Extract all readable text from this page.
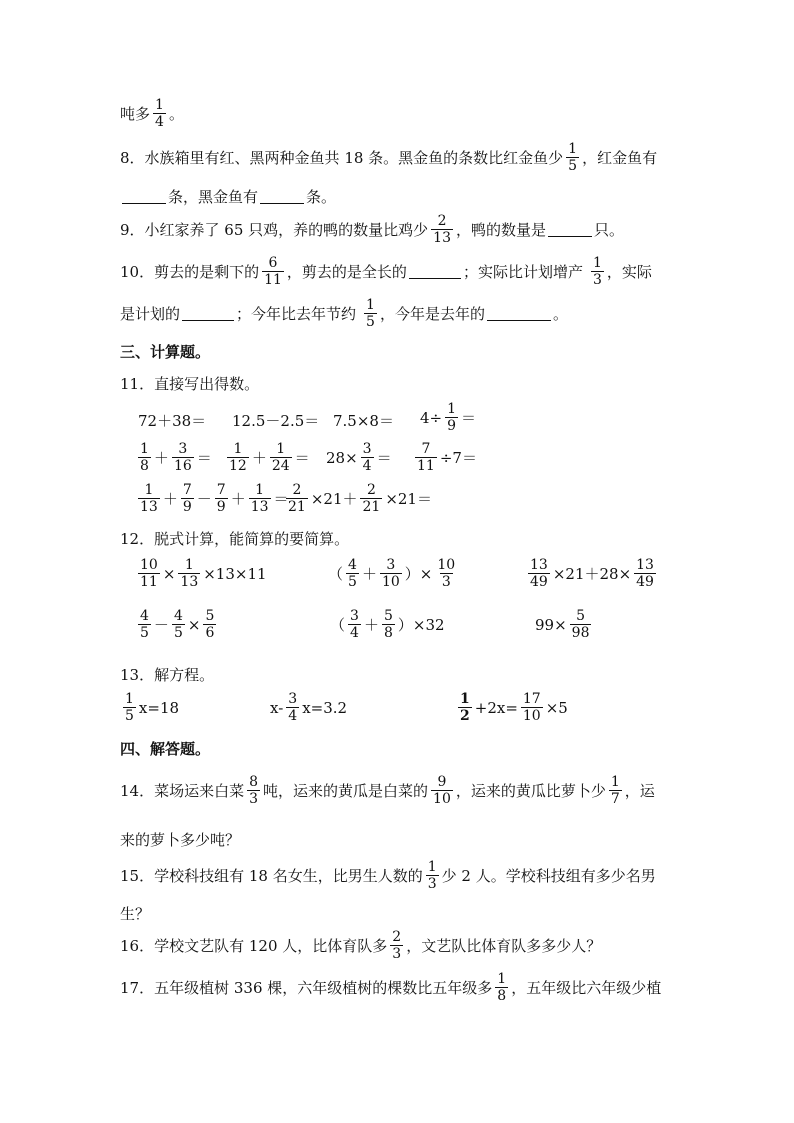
吨多 $\frac{1}{4}$ 。
8．水族箱里有红、黑两种金鱼共 18 条。黑金鱼的条数比红金鱼少 $\frac{1}{5}$ ，红金鱼有
条，黑金鱼有	条。
9．小红家养了 65 只鸡，养的鸭的数量比鸡少 $\frac{2}{13}$ ，鸭的数量是	只。
10．剪去的是剩下的 $\frac{6}{11}$ ，剪去的是全长的	；实际比计划增产 $\frac{1}{3}$ ，实际
是计划的	；今年比去年节约 $\frac{1}{5}$ ，今年是去年的	。
三、计算题。
11．直接写出得数。
$72+38= 12.5-2.5= 7.5\times 8= 4\div \frac{1}{9}$ ＝
$\frac{1}{8} + \frac{3}{16} = \frac{1}{12} + \frac{1}{24} = 28\times \frac{3}{4} = \frac{7}{11} \div 7=$
$\frac{1}{13} + \frac{7}{9} - \frac{7}{9} + \frac{1}{13}$ ＝
$\frac{2}{21} \times 21+ \frac{2}{21} \times 21=$
12．脱式计算，能简算的要简算。
$\frac{10}{11} \times \frac{1}{13} \times 13\times 11$	（ $\frac{4}{5} + \frac{3}{10}$ ）× $\frac{10}{3}$	$\frac{13}{49} \times 21+28\times \frac{13}{49}$
$\frac{4}{5} - \frac{4}{5} \times \frac{5}{6}$	（ $\frac{3}{4} + \frac{5}{8} )\times 32$	$99\times \frac{5}{98}$
13．解方程。
$\frac{1}{5} x=18$	$x- \frac{3}{4} x=3.2$	$\frac{1}{2} +2x= \frac{17}{10} \times 5$
四、解答题。
14．菜场运来白菜 $\frac{8}{3}$ 吨，运来的黄瓜是白菜的 $\frac{9}{10}$ ，运来的黄瓜比萝卜少 $\frac{1}{7}$ ，运
来的萝卜多少吨？
15．学校科技组有 18 名女生，比男生人数的 $\frac{1}{3}$ 少 2 人。学校科技组有多少名男
生？
16．学校文艺队有 120 人，比体育队多 $\frac{2}{3}$ ，文艺队比体育队多多少人？
17．五年级植树 336 棵，六年级植树的棵数比五年级多 $\frac{1}{8}$ ，五年级比六年级少植
